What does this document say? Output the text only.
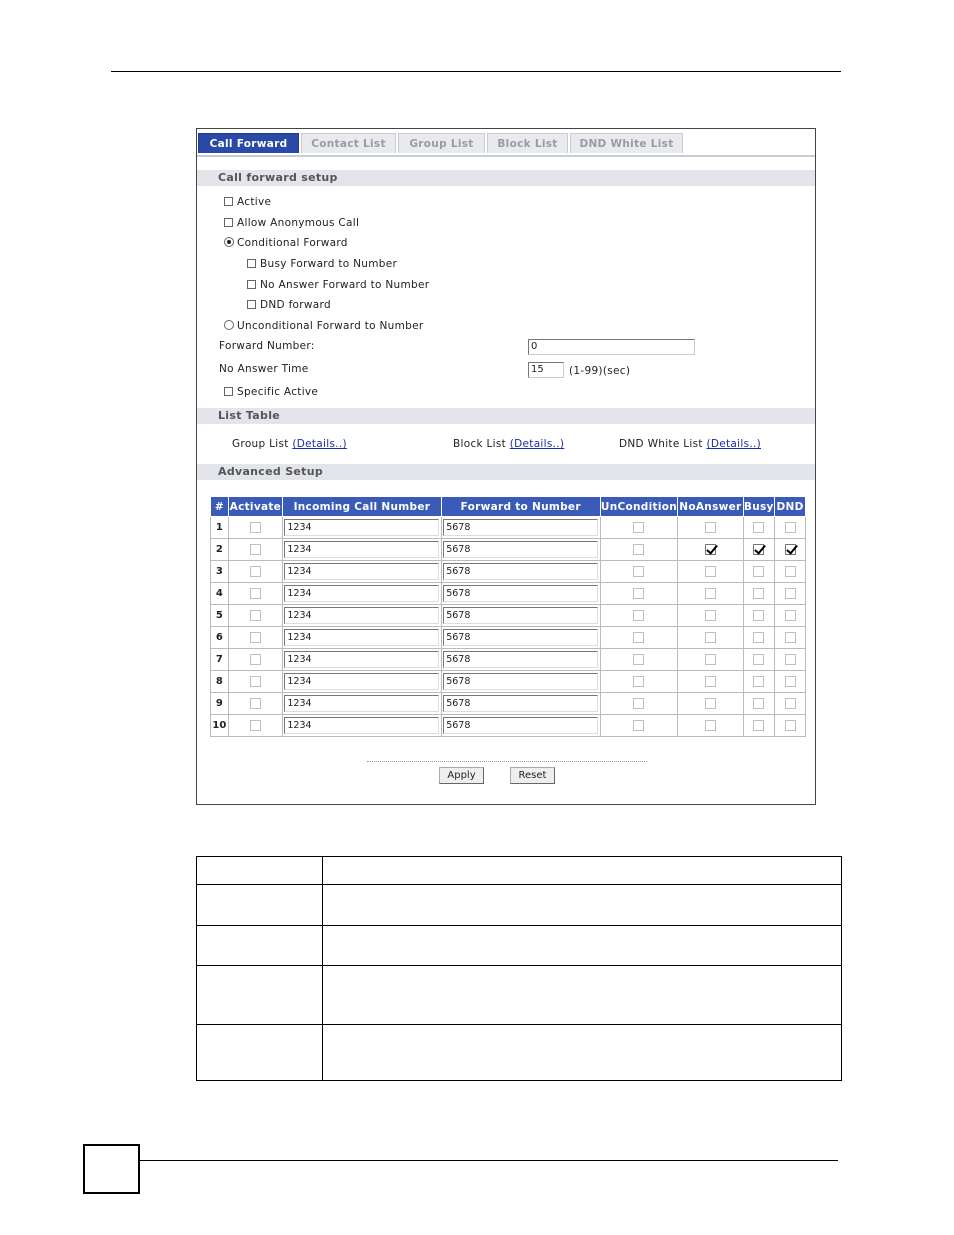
Call Forward	Contact List	Group List	Block List	DND White List
Call forward setup
Active
Allow Anonymous Call
Conditional Forward
Busy Forward to Number
No Answer Forward to Number
DND forward
Unconditional Forward to Number
Forward Number:	0
No Answer Time	15	(1-99)(sec)
Specific Active
List Table
Group List (Details..)	Block List (Details..)	DND White List (Details..)
Advanced Setup
#	Activate	Incoming Call Number	Forward to Number	UnCondition	NoAnswer	Busy	DND
1		1234	5678				

2		1234	5678				

3		1234	5678				

4		1234	5678				

5		1234	5678				

6		1234	5678				

7		1234	5678				

8		1234	5678				

9		1234	5678				

10		1234	5678				

Apply	Reset
